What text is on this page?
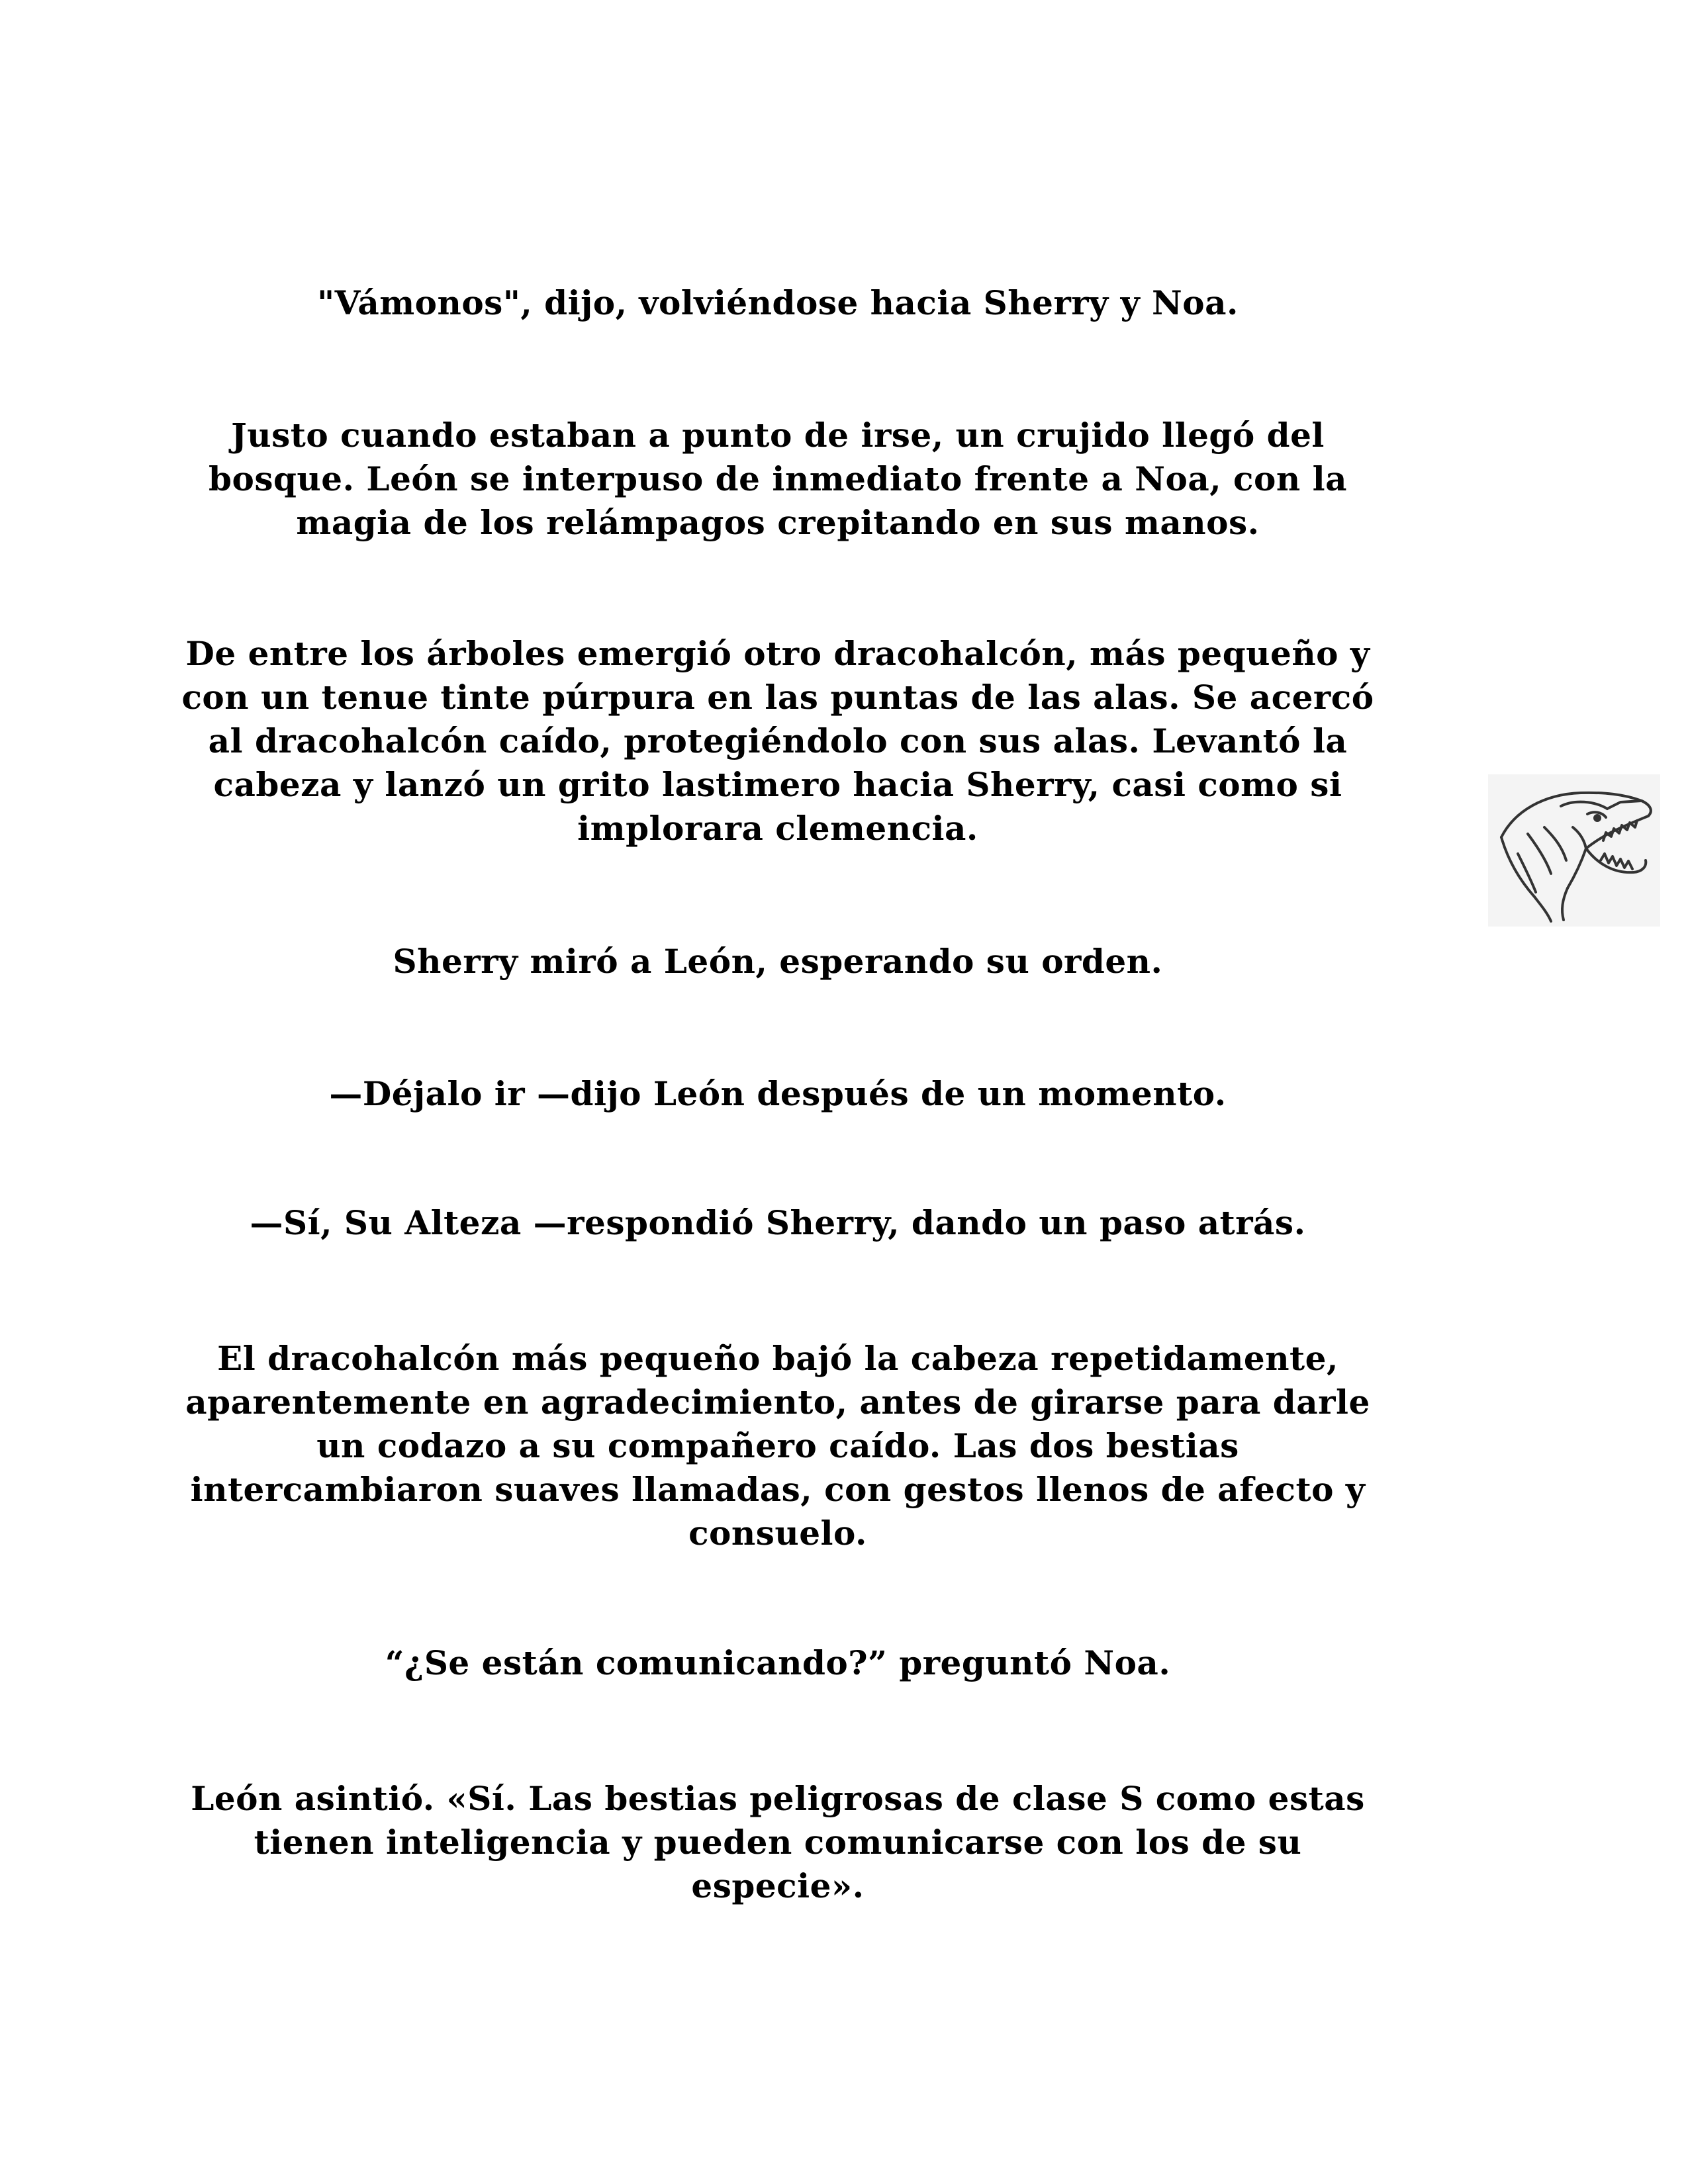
"Vámonos", dijo, volviéndose hacia Sherry y Noa.

Justo cuando estaban a punto de irse, un crujido llegó del bosque. León se interpuso de inmediato frente a Noa, con la magia de los relámpagos crepitando en sus manos.

De entre los árboles emergió otro dracohalcón, más pequeño y con un tenue tinte púrpura en las puntas de las alas. Se acercó al dracohalcón caído, protegiéndolo con sus alas. Levantó la cabeza y lanzó un grito lastimero hacia Sherry, casi como si implorara clemencia.

Sherry miró a León, esperando su orden.

—Déjalo ir —dijo León después de un momento.

—Sí, Su Alteza —respondió Sherry, dando un paso atrás.

El dracohalcón más pequeño bajó la cabeza repetidamente, aparentemente en agradecimiento, antes de girarse para darle un codazo a su compañero caído. Las dos bestias intercambiaron suaves llamadas, con gestos llenos de afecto y consuelo.

“¿Se están comunicando?” preguntó Noa.

León asintió. «Sí. Las bestias peligrosas de clase S como estas tienen inteligencia y pueden comunicarse con los de su especie».
